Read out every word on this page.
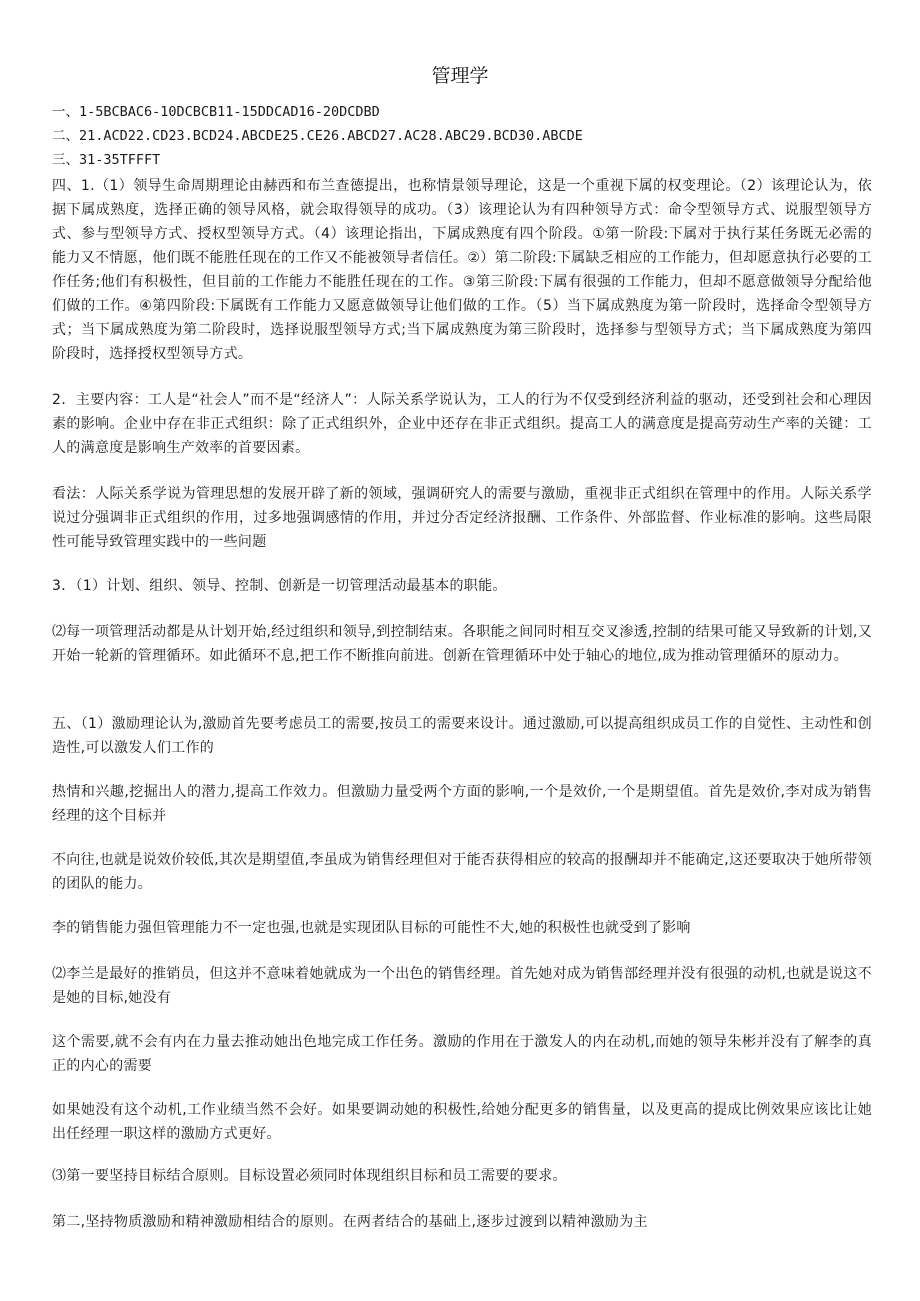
管理学
一、1-5BCBAC6-10DCBCB11-15DDCAD16-20DCDBD
二、21.ACD22.CD23.BCD24.ABCDE25.CE26.ABCD27.AC28.ABC29.BCD30.ABCDE
三、31-35TFFFT
四、1.（1）领导生命周期理论由赫西和布兰查德提出，也称情景领导理论，这是一个重视下属的权变理论。（2）该理论认为，依据下属成熟度，选择正确的领导风格，就会取得领导的成功。（3）该理论认为有四种领导方式：命令型领导方式、说服型领导方式、参与型领导方式、授权型领导方式。（4）该理论指出，下属成熟度有四个阶段。①第一阶段:下属对于执行某任务既无必需的能力又不情愿，他们既不能胜任现在的工作又不能被领导者信任。②）第二阶段:下属缺乏相应的工作能力，但却愿意执行必要的工作任务;他们有积极性，但目前的工作能力不能胜任现在的工作。③第三阶段:下属有很强的工作能力，但却不愿意做领导分配给他们做的工作。④第四阶段:下属既有工作能力又愿意做领导让他们做的工作。（5）当下属成熟度为第一阶段时，选择命令型领导方式；当下属成熟度为第二阶段时，选择说服型领导方式;当下属成熟度为第三阶段时，选择参与型领导方式；当下属成熟度为第四阶段时，选择授权型领导方式。
2．主要内容：工人是“社会人”而不是“经济人”：人际关系学说认为，工人的行为不仅受到经济利益的驱动，还受到社会和心理因素的影响。企业中存在非正式组织：除了正式组织外，企业中还存在非正式组织。提高工人的满意度是提高劳动生产率的关键：工人的满意度是影响生产效率的首要因素。
看法：人际关系学说为管理思想的发展开辟了新的领域，强调研究人的需要与激励，重视非正式组织在管理中的作用。人际关系学说过分强调非正式组织的作用，过多地强调感情的作用，并过分否定经济报酬、工作条件、外部监督、作业标准的影响。这些局限性可能导致管理实践中的一些问题
3．（1）计划、组织、领导、控制、创新是一切管理活动最基本的职能。
⑵每一项管理活动都是从计划开始,经过组织和领导,到控制结束。各职能之间同时相互交叉渗透,控制的结果可能又导致新的计划,又开始一轮新的管理循环。如此循环不息,把工作不断推向前进。创新在管理循环中处于轴心的地位,成为推动管理循环的原动力。
五、（1）激励理论认为,激励首先要考虑员工的需要,按员工的需要来设计。通过激励,可以提高组织成员工作的自觉性、主动性和创造性,可以激发人们工作的
热情和兴趣,挖掘出人的潜力,提高工作效力。但激励力量受两个方面的影响,一个是效价,一个是期望值。首先是效价,李对成为销售经理的这个目标并
不向往,也就是说效价较低,其次是期望值,李虽成为销售经理但对于能否获得相应的较高的报酬却并不能确定,这还要取决于她所带领的团队的能力。
李的销售能力强但管理能力不一定也强,也就是实现团队目标的可能性不大,她的积极性也就受到了影响
⑵李兰是最好的推销员，但这并不意味着她就成为一个出色的销售经理。首先她对成为销售部经理并没有很强的动机,也就是说这不是她的目标,她没有
这个需要,就不会有内在力量去推动她出色地完成工作任务。激励的作用在于激发人的内在动机,而她的领导朱彬并没有了解李的真正的内心的需要
如果她没有这个动机,工作业绩当然不会好。如果要调动她的积极性,给她分配更多的销售量，以及更高的提成比例效果应该比让她出任经理一职这样的激励方式更好。
⑶第一要坚持目标结合原则。目标设置必须同时体现组织目标和员工需要的要求。
第二,坚持物质激励和精神激励相结合的原则。在两者结合的基础上,逐步过渡到以精神激励为主
